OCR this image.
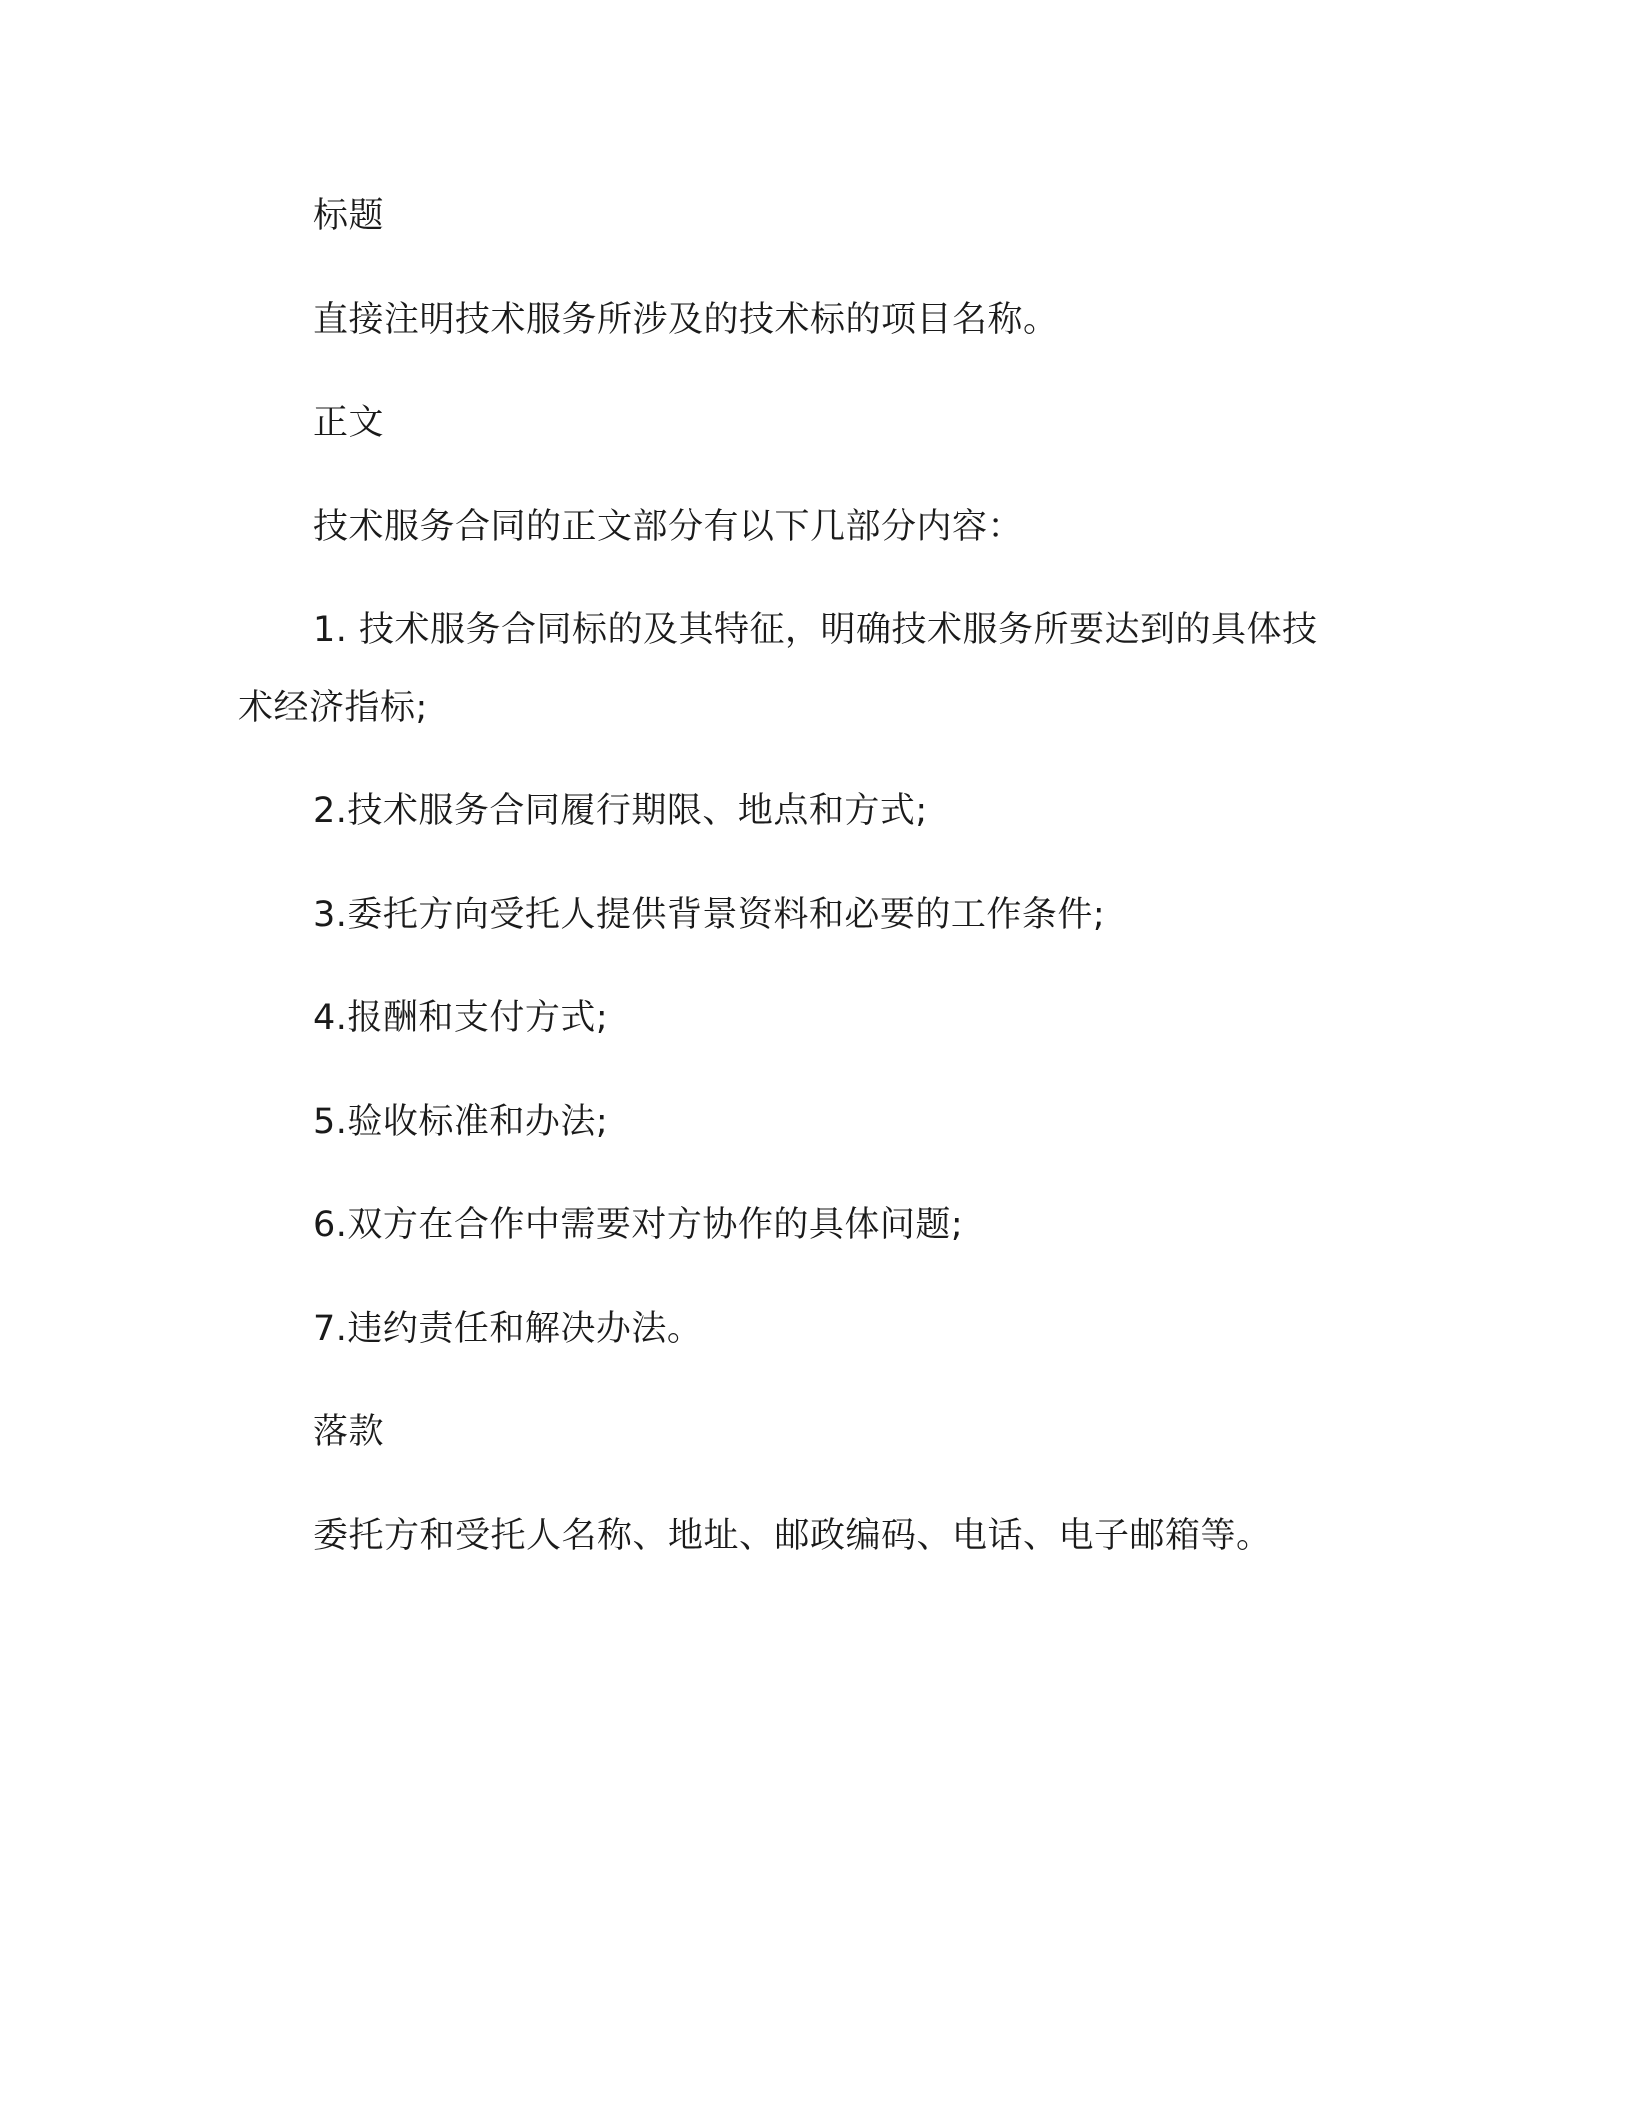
标题
直接注明技术服务所涉及的技术标的项目名称。
正文
技术服务合同的正文部分有以下几部分内容：
1. 技术服务合同标的及其特征，明确技术服务所要达到的具体技
术经济指标;
2.技术服务合同履行期限、地点和方式;
3.委托方向受托人提供背景资料和必要的工作条件;
4.报酬和支付方式;
5.验收标准和办法;
6.双方在合作中需要对方协作的具体问题;
7.违约责任和解决办法。
落款
委托方和受托人名称、地址、邮政编码、电话、电子邮箱等。
